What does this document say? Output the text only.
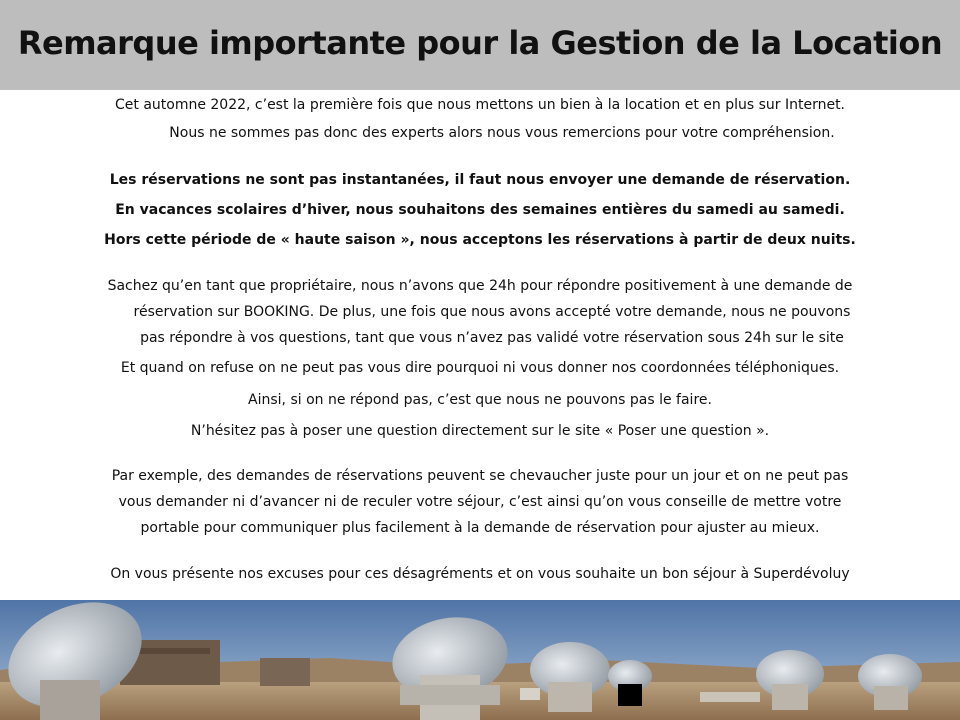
Remarque importante pour la Gestion de la Location
Cet automne 2022, c’est la première fois que nous mettons un bien à la location et en plus sur Internet.
Nous ne sommes pas donc des experts alors nous vous remercions pour votre compréhension.
Les réservations ne sont pas instantanées, il faut nous envoyer une demande de réservation.
En vacances scolaires d’hiver, nous souhaitons des semaines entières du samedi au samedi.
Hors cette période de « haute saison », nous acceptons les réservations à partir de deux nuits.
Sachez qu’en tant que propriétaire, nous n’avons que 24h pour répondre positivement à une demande de
réservation sur BOOKING. De plus, une fois que nous avons accepté votre demande, nous ne pouvons
pas répondre à vos questions, tant que vous n’avez pas validé votre réservation sous 24h sur le site
Et quand on refuse on ne peut pas vous dire pourquoi ni vous donner nos coordonnées téléphoniques.
Ainsi, si on ne répond pas, c’est que nous ne pouvons pas le faire.
N’hésitez pas à poser une question directement sur le site « Poser une question ».
Par exemple, des demandes de réservations peuvent se chevaucher juste pour un jour et on ne peut pas
vous demander ni d’avancer ni de reculer votre séjour, c’est ainsi qu’on vous conseille de mettre votre
portable pour communiquer plus facilement à la demande de réservation pour ajuster au mieux.
On vous présente nos excuses pour ces désagréments et on vous souhaite un bon séjour à Superdévoluy
